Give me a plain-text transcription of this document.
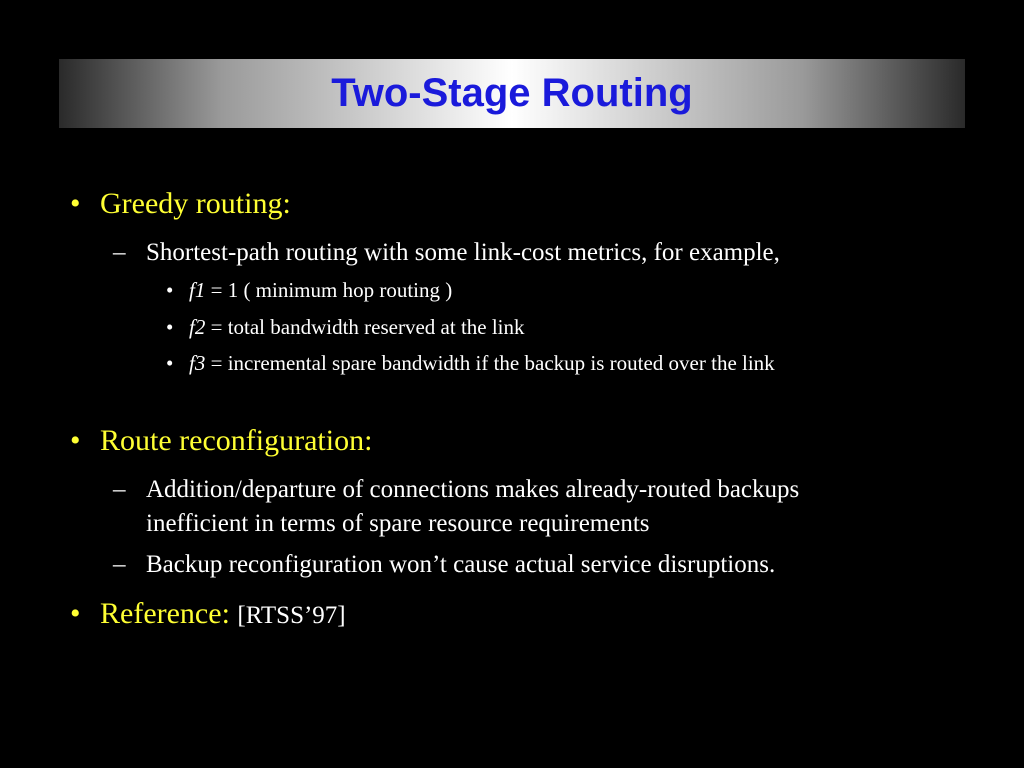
Two-Stage Routing
• Greedy routing:
– Shortest-path routing with some link-cost metrics, for example,
• f1 = 1 ( minimum hop routing )
• f2 = total bandwidth reserved at the link
• f3 = incremental spare bandwidth if the backup is routed over the link
• Route reconfiguration:
– Addition/departure of connections makes already-routed backups inefficient in terms of spare resource requirements
– Backup reconfiguration won’t cause actual service disruptions.
• Reference: [RTSS’97]
